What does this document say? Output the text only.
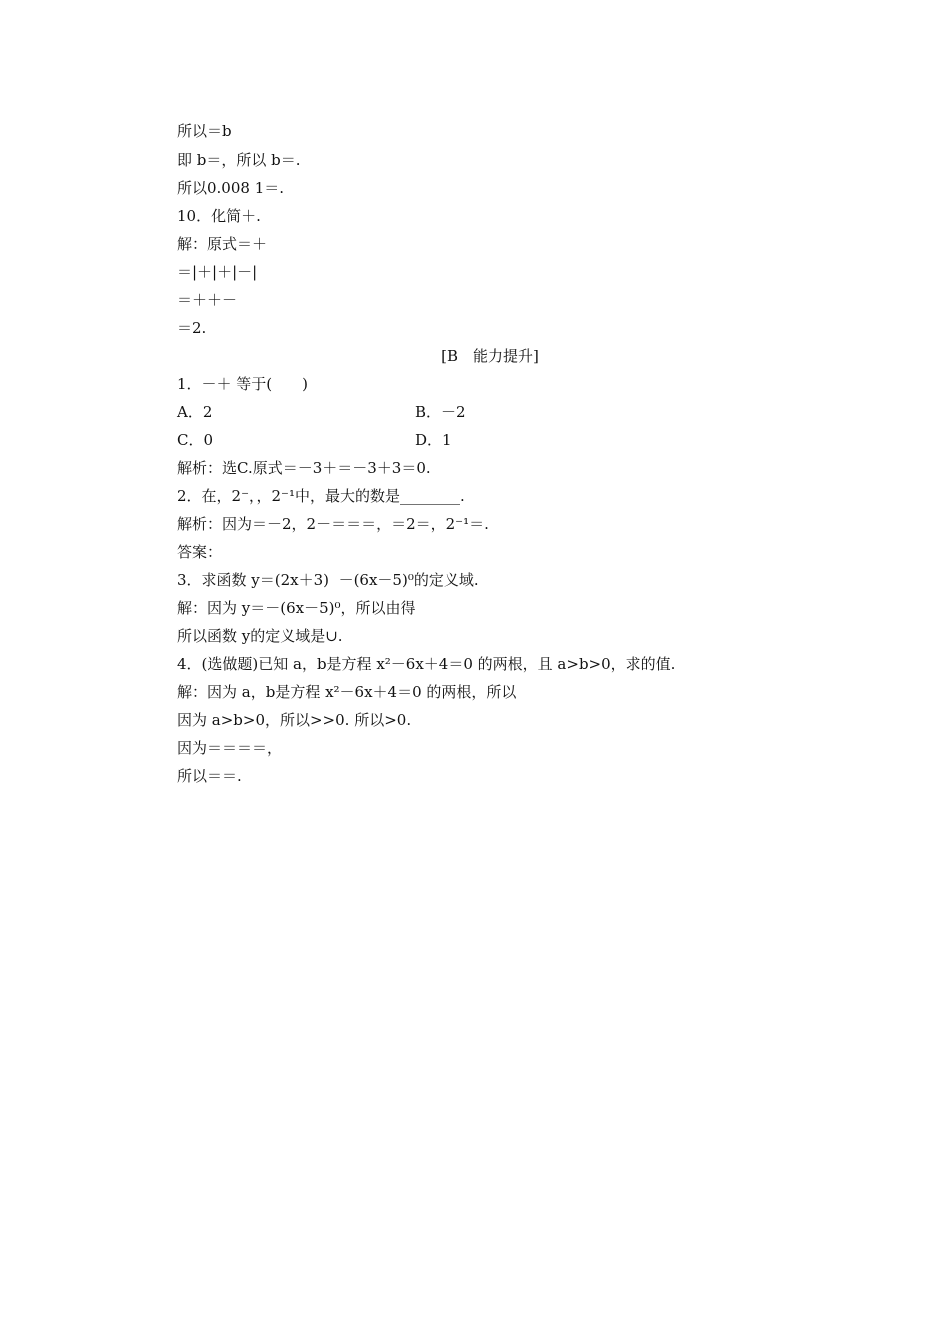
所以＝b
即 b＝，所以 b＝.
所以0.008 1＝.
10．化简＋.
解：原式＝＋
＝|＋|＋|－|
＝＋＋－
＝2.
[B　能力提升]
1．－＋ 等于(　　)
A．2	B．－2
C．0	D．1
解析：选C.原式＝－3＋＝－3＋3＝0.
2．在，2⁻，，2⁻¹中，最大的数是________.
解析：因为＝－2，2－＝＝＝，＝2＝，2⁻¹＝.
答案：
3．求函数 y＝(2x＋3)  －(6x－5)⁰的定义域.
解：因为 y＝－(6x－5)⁰，所以由得
所以函数 y的定义域是∪.
4．(选做题)已知 a，b是方程 x²－6x＋4＝0 的两根，且 a>b>0，求的值.
解：因为 a，b是方程 x²－6x＋4＝0 的两根，所以
因为 a>b>0，所以>>0. 所以>0.
因为＝＝＝＝，
所以＝＝.
